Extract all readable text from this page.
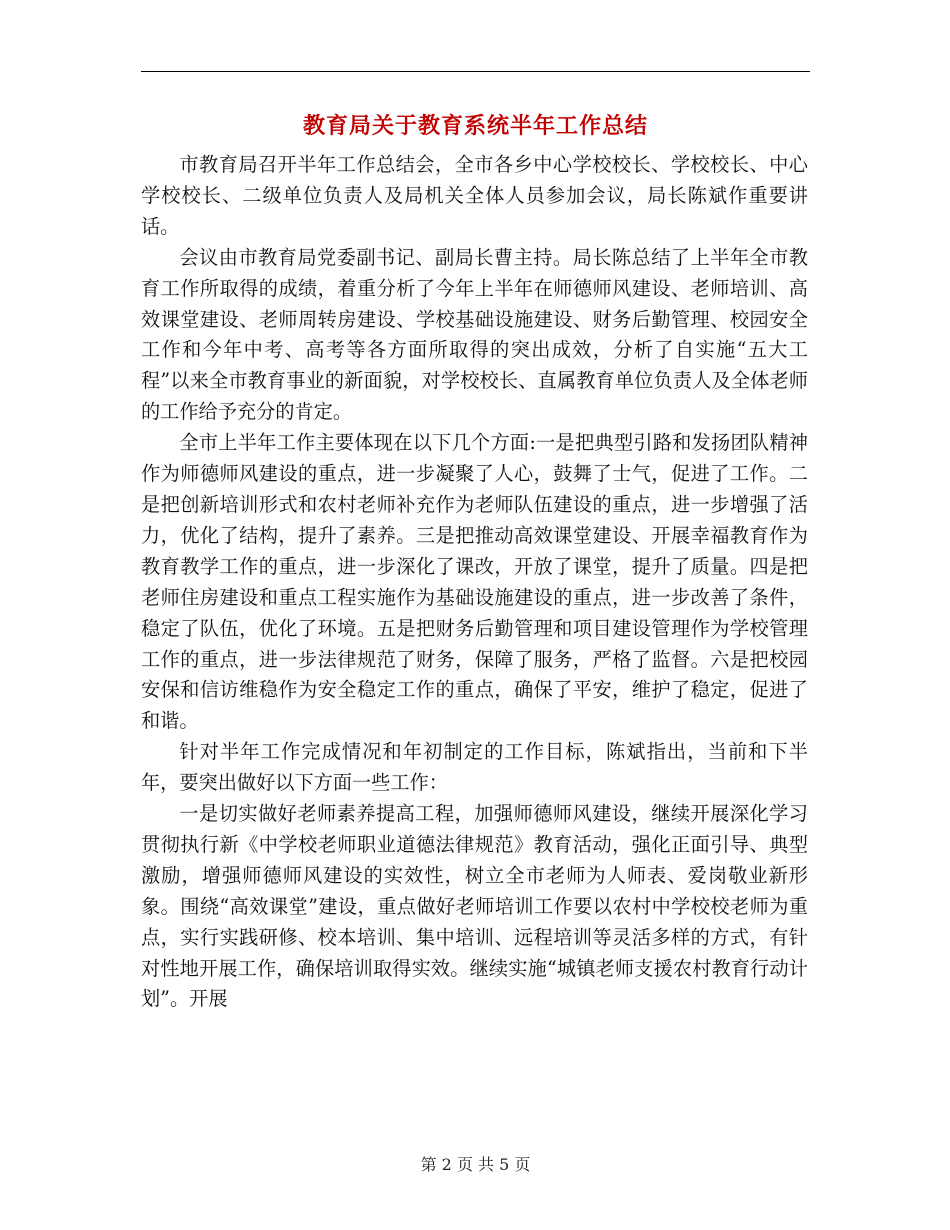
教育局关于教育系统半年工作总结

市教育局召开半年工作总结会，全市各乡中心学校校长、学校校长、中心学校校长、二级单位负责人及局机关全体人员参加会议，局长陈斌作重要讲话。

会议由市教育局党委副书记、副局长曹主持。局长陈总结了上半年全市教育工作所取得的成绩，着重分析了今年上半年在师德师风建设、老师培训、高效课堂建设、老师周转房建设、学校基础设施建设、财务后勤管理、校园安全工作和今年中考、高考等各方面所取得的突出成效，分析了自实施“五大工程”以来全市教育事业的新面貌，对学校校长、直属教育单位负责人及全体老师的工作给予充分的肯定。

全市上半年工作主要体现在以下几个方面:一是把典型引路和发扬团队精神作为师德师风建设的重点，进一步凝聚了人心，鼓舞了士气，促进了工作。二是把创新培训形式和农村老师补充作为老师队伍建设的重点，进一步增强了活力，优化了结构，提升了素养。三是把推动高效课堂建设、开展幸福教育作为教育教学工作的重点，进一步深化了课改，开放了课堂，提升了质量。四是把老师住房建设和重点工程实施作为基础设施建设的重点，进一步改善了条件，稳定了队伍，优化了环境。五是把财务后勤管理和项目建设管理作为学校管理工作的重点，进一步法律规范了财务，保障了服务，严格了监督。六是把校园安保和信访维稳作为安全稳定工作的重点，确保了平安，维护了稳定，促进了和谐。

针对半年工作完成情况和年初制定的工作目标，陈斌指出，当前和下半年，要突出做好以下方面一些工作：

一是切实做好老师素养提高工程，加强师德师风建设，继续开展深化学习贯彻执行新《中学校老师职业道德法律规范》教育活动，强化正面引导、典型激励，增强师德师风建设的实效性，树立全市老师为人师表、爱岗敬业新形象。围绕“高效课堂”建设，重点做好老师培训工作要以农村中学校校老师为重点，实行实践研修、校本培训、集中培训、远程培训等灵活多样的方式，有针对性地开展工作，确保培训取得实效。继续实施“城镇老师支援农村教育行动计划”。开展

第 2 页 共 5 页
